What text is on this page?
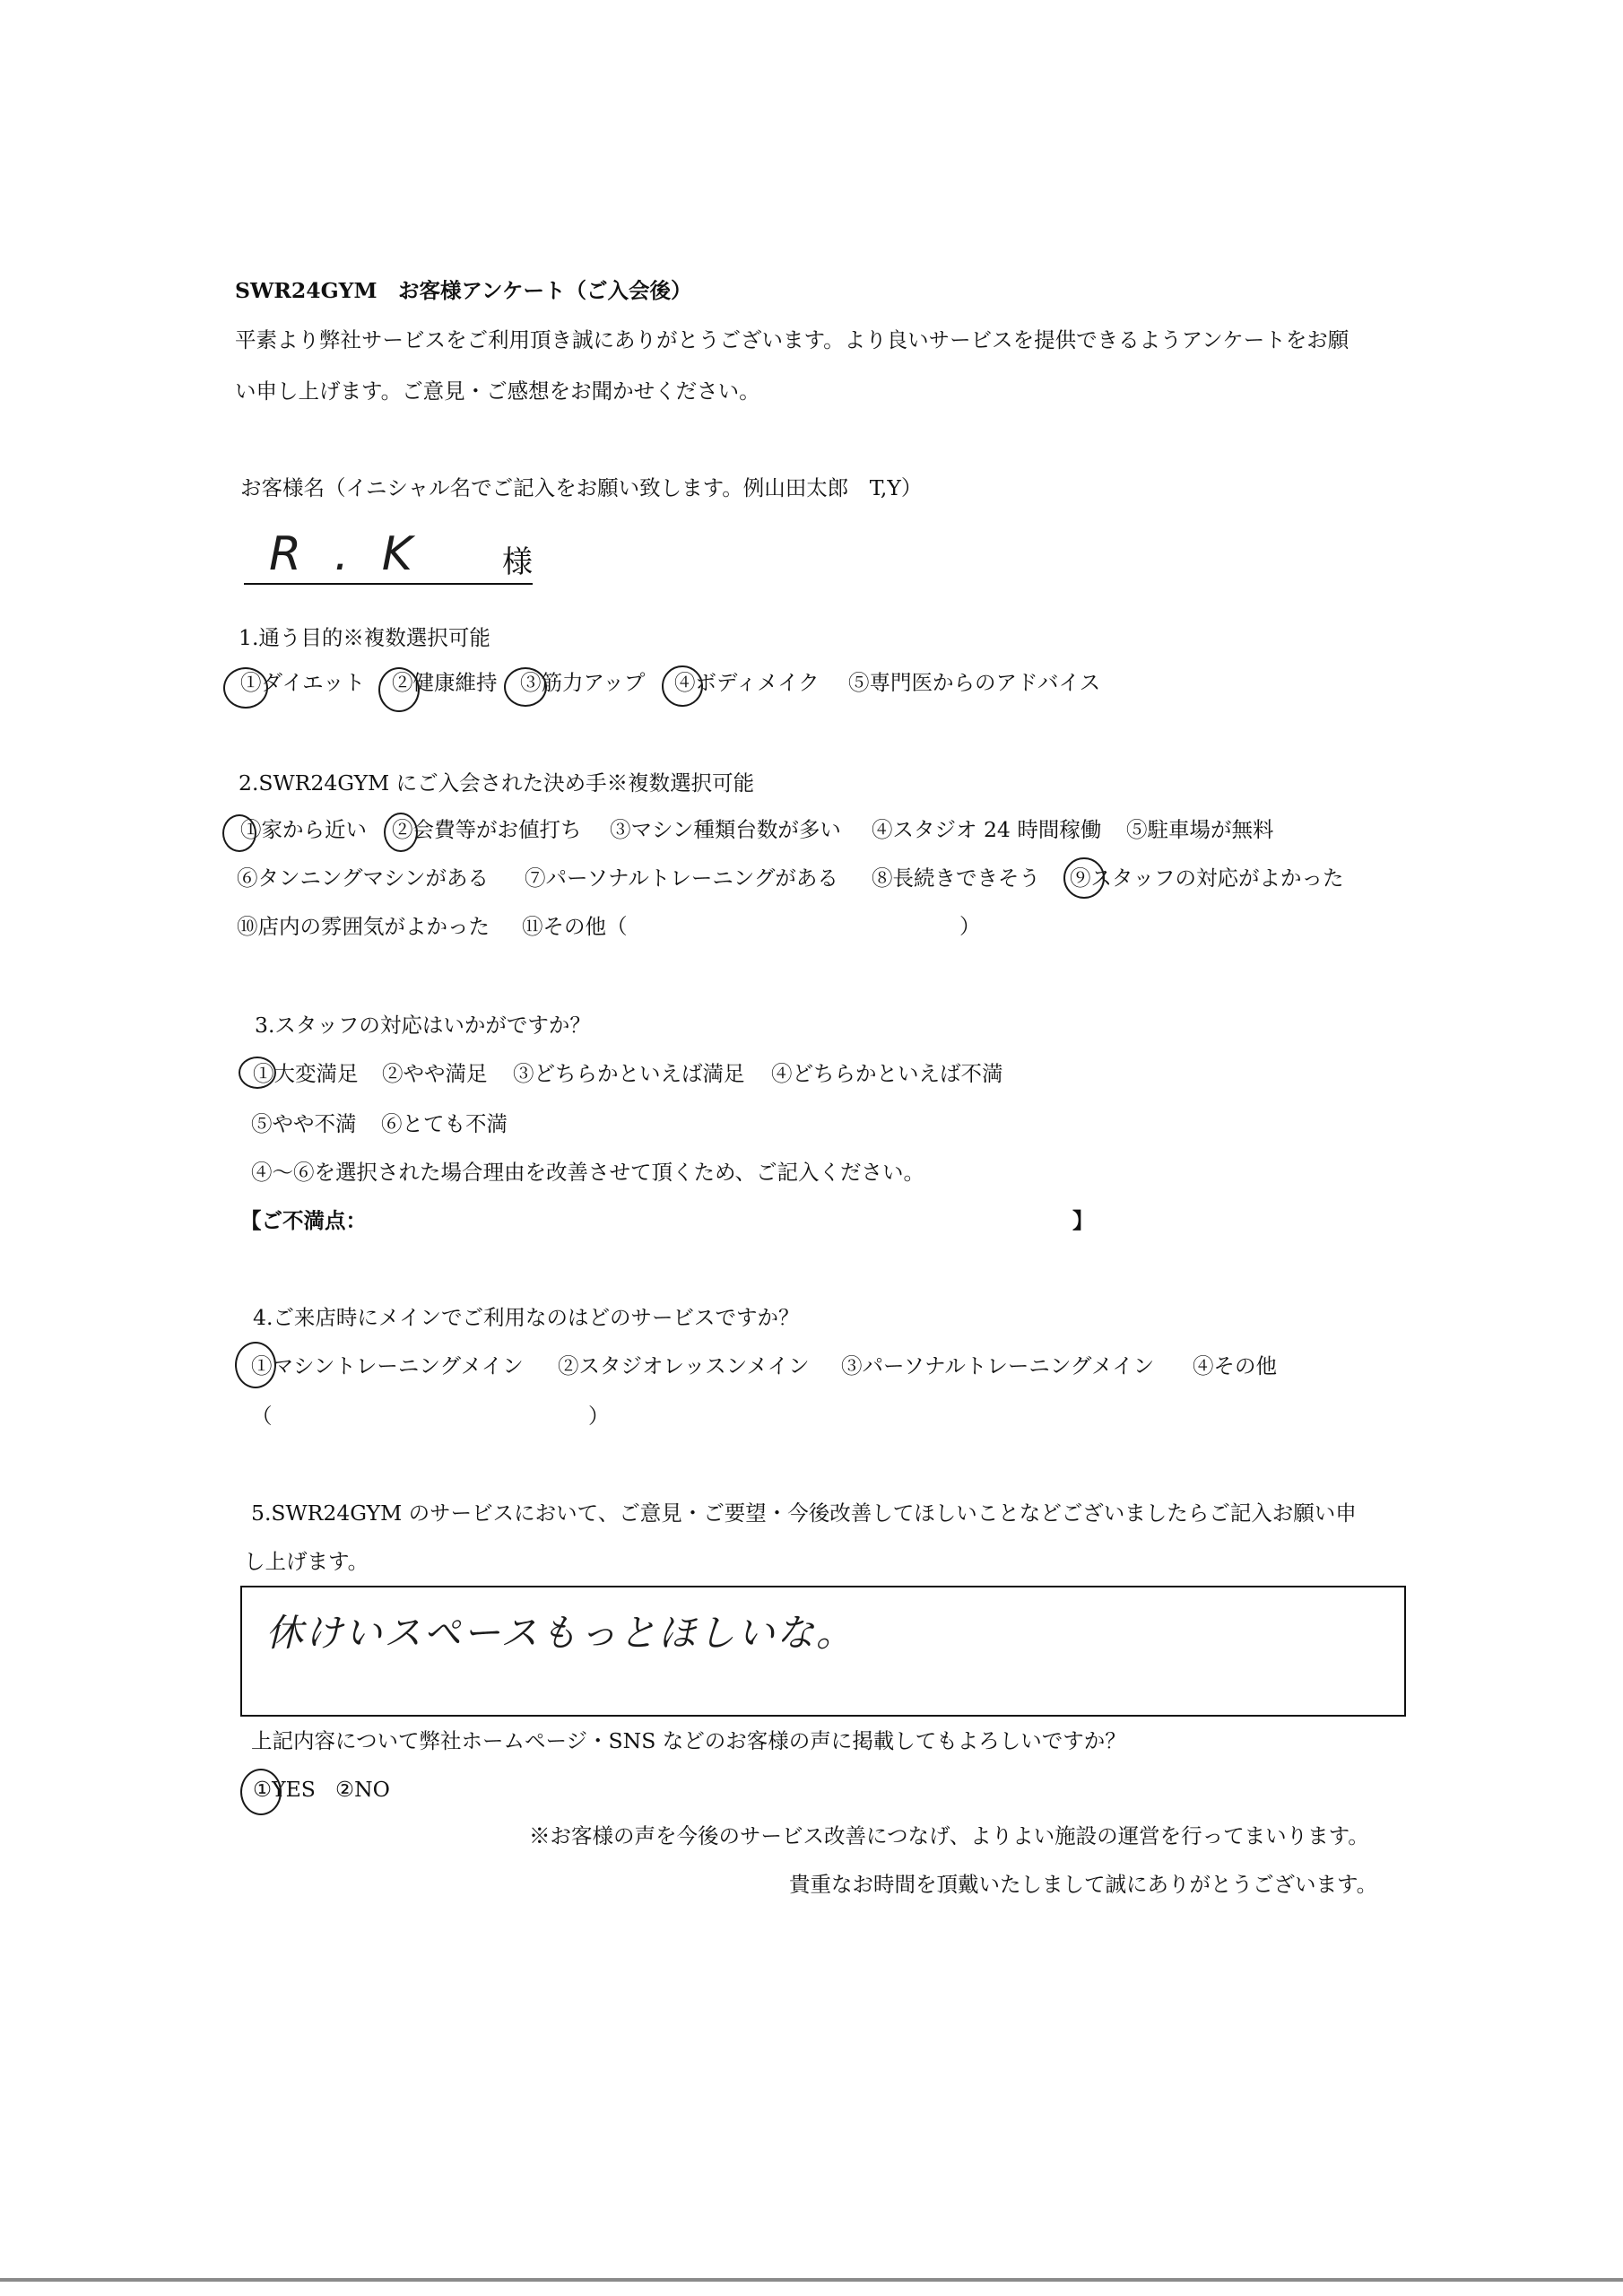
SWR24GYM　お客様アンケート（ご入会後）
平素より弊社サービスをご利用頂き誠にありがとうございます。より良いサービスを提供できるようアンケートをお願
い申し上げます。ご意見・ご感想をお聞かせください。
お客様名（イニシャル名でご記入をお願い致します。例山田太郎　T,Y）
R . K	様
1.通う目的※複数選択可能
①ダイエット ②健康維持 ③筋力アップ ④ボディメイク ⑤専門医からのアドバイス
2.SWR24GYM にご入会された決め手※複数選択可能
①家から近い ②会費等がお値打ち ③マシン種類台数が多い ④スタジオ 24 時間稼働 ⑤駐車場が無料
⑥タンニングマシンがある ⑦パーソナルトレーニングがある ⑧長続きできそう ⑨スタッフの対応がよかった
⑩店内の雰囲気がよかった ⑪その他（	）
3.スタッフの対応はいかがですか？
①大変満足 ②やや満足 ③どちらかといえば満足 ④どちらかといえば不満
⑤やや不満 ⑥とても不満
④～⑥を選択された場合理由を改善させて頂くため、ご記入ください。
【ご不満点：	】
4.ご来店時にメインでご利用なのはどのサービスですか？
①マシントレーニングメイン ②スタジオレッスンメイン ③パーソナルトレーニングメイン ④その他
（	）
5.SWR24GYM のサービスにおいて、ご意見・ご要望・今後改善してほしいことなどございましたらご記入お願い申
し上げます。
休けいスペースもっとほしいな。
上記内容について弊社ホームページ・SNS などのお客様の声に掲載してもよろしいですか？
①YES ②NO
※お客様の声を今後のサービス改善につなげ、よりよい施設の運営を行ってまいります。
貴重なお時間を頂戴いたしまして誠にありがとうございます。
